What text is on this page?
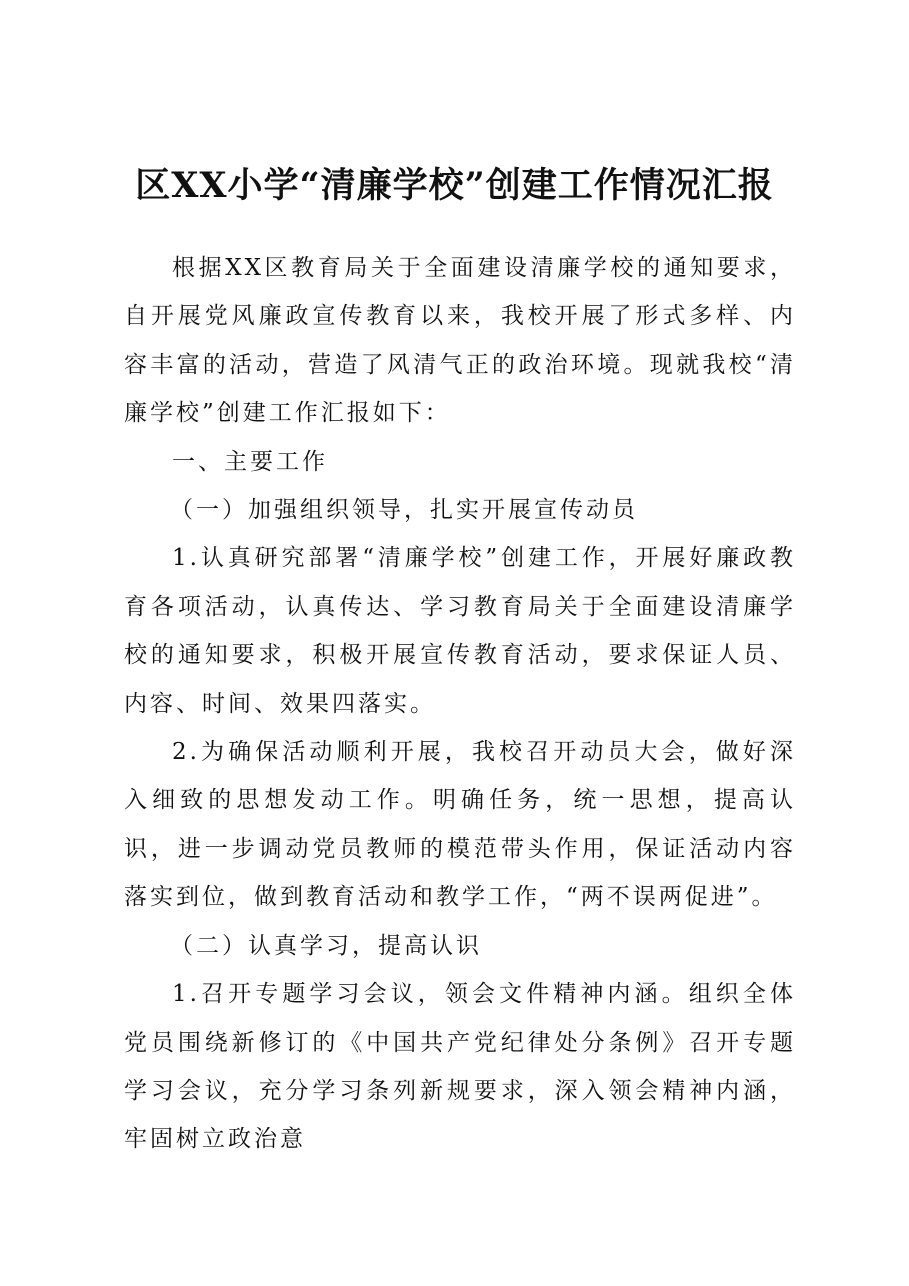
区XX小学“清廉学校”创建工作情况汇报

根据XX区教育局关于全面建设清廉学校的通知要求，自开展党风廉政宣传教育以来，我校开展了形式多样、内容丰富的活动，营造了风清气正的政治环境。现就我校“清廉学校”创建工作汇报如下：

一、主要工作

（一）加强组织领导，扎实开展宣传动员

1.认真研究部署“清廉学校”创建工作，开展好廉政教育各项活动，认真传达、学习教育局关于全面建设清廉学校的通知要求，积极开展宣传教育活动，要求保证人员、内容、时间、效果四落实。

2.为确保活动顺利开展，我校召开动员大会，做好深入细致的思想发动工作。明确任务，统一思想，提高认识，进一步调动党员教师的模范带头作用，保证活动内容落实到位，做到教育活动和教学工作，“两不误两促进”。

（二）认真学习，提高认识

1.召开专题学习会议，领会文件精神内涵。组织全体党员围绕新修订的《中国共产党纪律处分条例》召开专题学习会议，充分学习条列新规要求，深入领会精神内涵，牢固树立政治意
